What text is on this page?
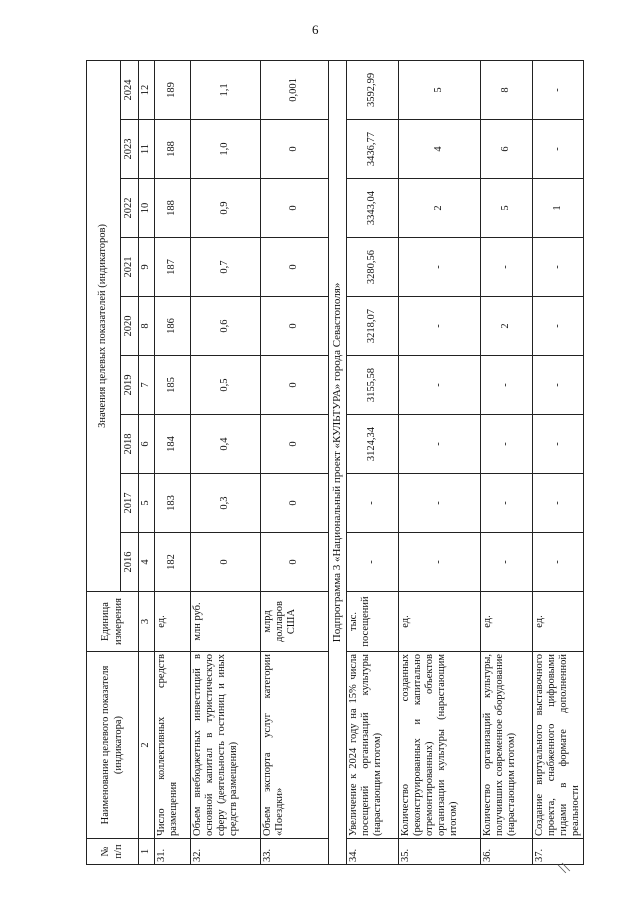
6
№ п/п	Наименование целевого показателя (индикатора)	Единица измерения	Значения целевых показателей (индикаторов)								
			2016	2017	2018	2019	2020	2021	2022	2023	2024
1	2	3	4	5	6	7	8	9	10	11	12
31.	Число коллективных средств размещения	ед.	182	183	184	185	186	187	188	188	189
32.	Объем внебюджетных инвестиций в основной капитал в туристическую сферу (деятельность гостиниц и иных средств размещения)	млн руб.	0	0,3	0,4	0,5	0,6	0,7	0,9	1,0	1,1
33.	Объем экспорта услуг категории «Поездки»	млрд долларов США	0	0	0	0	0	0	0	0	0,001
Подпрограмма 3 «Национальный проект «КУЛЬТУРА» города Севастополя»											
34.	Увеличение к 2024 году на 15% числа посещений организаций культуры (нарастающим итогом)	тыс. посещений	-	-	3124,34	3155,58	3218,07	3280,56	3343,04	3436,77	3592,99
35.	Количество созданных (реконструированных и капитально отремонтированных) объектов организации культуры (нарастающим итогом)	ед.	-	-	-	-	-	-	2	4	5
36.	Количество организаций культуры, получивших современное оборудование (нарастающим итогом)	ед.	-	-	-	-	2	-	5	6	8
37.	Создание виртуального выставочного проекта, снабженного цифровыми гидами в формате дополненной реальности	ед.	-	-	-	-	-	-	1	-	-
\\
